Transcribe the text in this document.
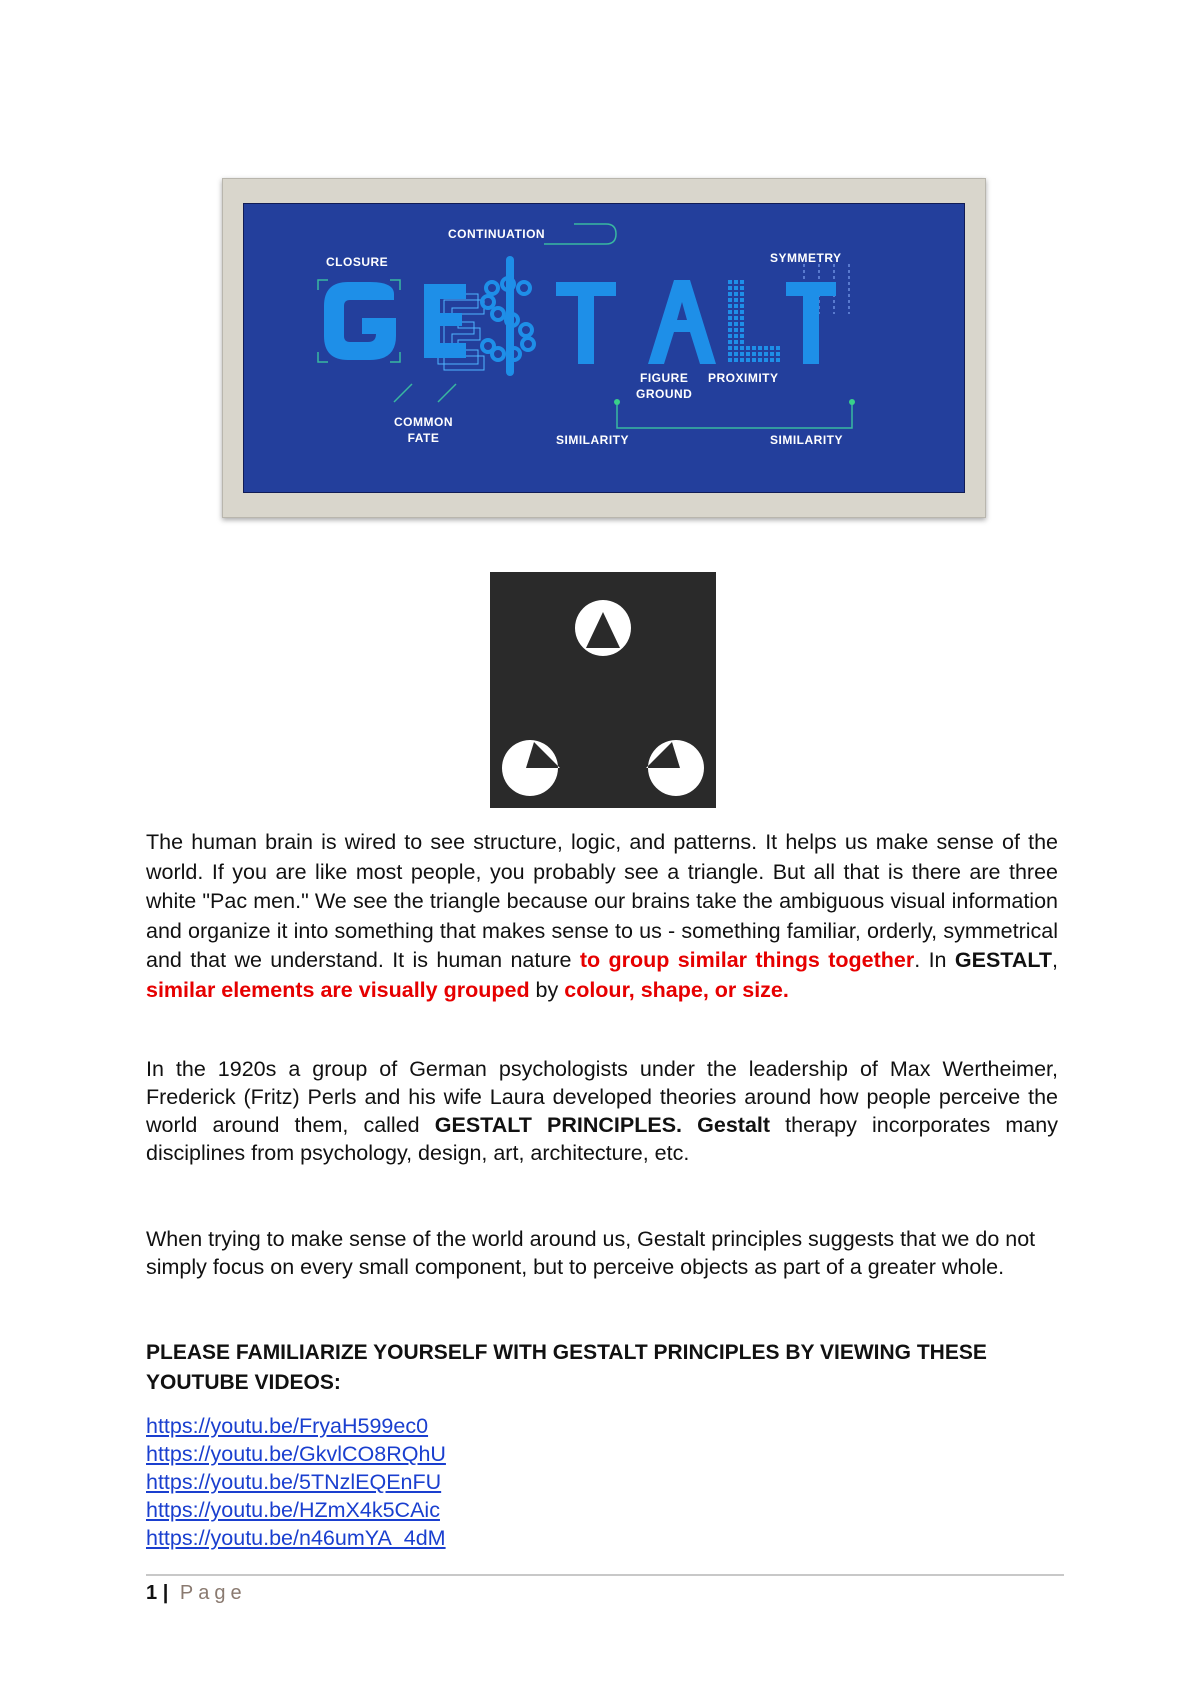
CONTINUATION
CLOSURE	SYMMETRY
FIGURE
GROUND
PROXIMITY
COMMON
FATE	SIMILARITY	SIMILARITY
The human brain is wired to see structure, logic, and patterns. It helps us make sense of the world. If you are like most people, you probably see a triangle. But all that is there are three white "Pac men." We see the triangle because our brains take the ambiguous visual information and organize it into something that makes sense to us - something familiar, orderly, symmetrical and that we understand. It is human nature to group similar things together. In GESTALT, similar elements are visually grouped by colour, shape, or size.
In the 1920s a group of German psychologists under the leadership of Max Wertheimer, Frederick (Fritz) Perls and his wife Laura developed theories around how people perceive the world around them, called GESTALT PRINCIPLES. Gestalt therapy incorporates many disciplines from psychology, design, art, architecture, etc.
When trying to make sense of the world around us, Gestalt principles suggests that we do not simply focus on every small component, but to perceive objects as part of a greater whole.
PLEASE FAMILIARIZE YOURSELF WITH GESTALT PRINCIPLES BY VIEWING THESE YOUTUBE VIDEOS:
https://youtu.be/FryaH599ec0
https://youtu.be/GkvlCO8RQhU
https://youtu.be/5TNzlEQEnFU
https://youtu.be/HZmX4k5CAic
https://youtu.be/n46umYA_4dM
1 | Page
